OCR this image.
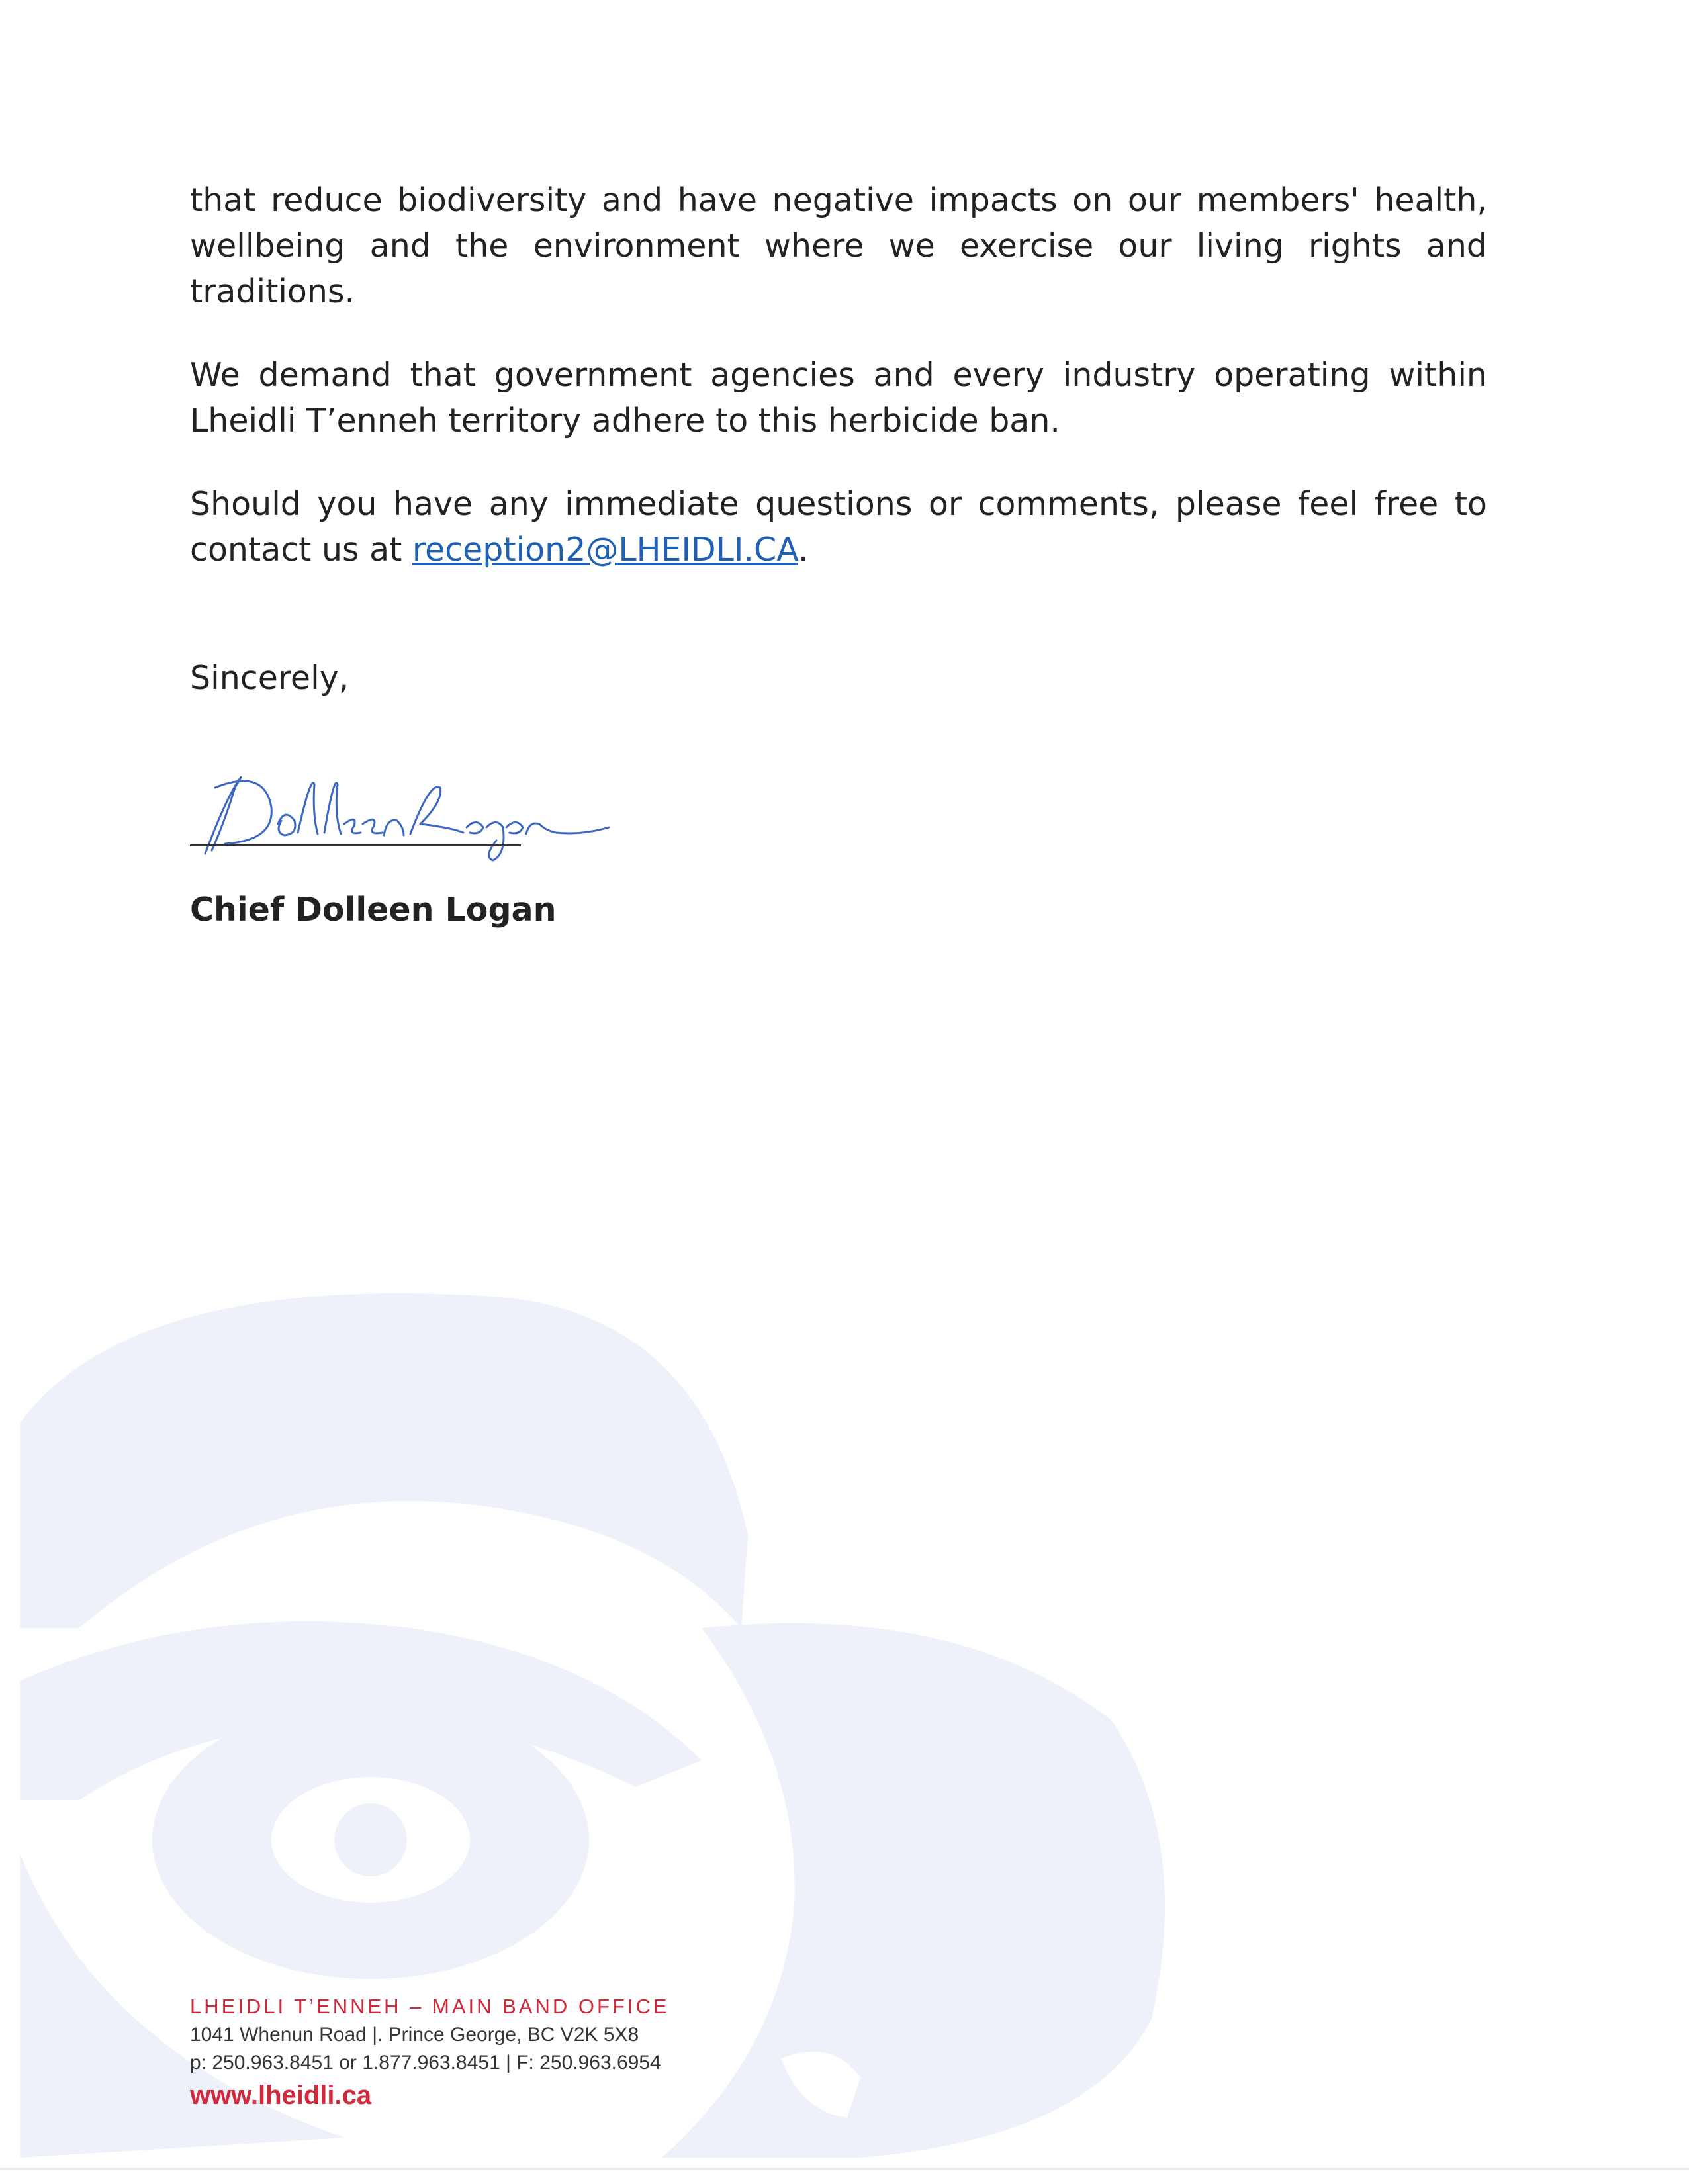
that reduce biodiversity and have negative impacts on our members' health, wellbeing and the environment where we exercise our living rights and traditions.

We demand that government agencies and every industry operating within Lheidli T’enneh territory adhere to this herbicide ban.

Should you have any immediate questions or comments, please feel free to contact us at reception2@LHEIDLI.CA.

Sincerely,
Chief Dolleen Logan
LHEIDLI T’ENNEH – MAIN BAND OFFICE
1041 Whenun Road |. Prince George, BC V2K 5X8
p: 250.963.8451 or 1.877.963.8451 | F: 250.963.6954
www.lheidli.ca
